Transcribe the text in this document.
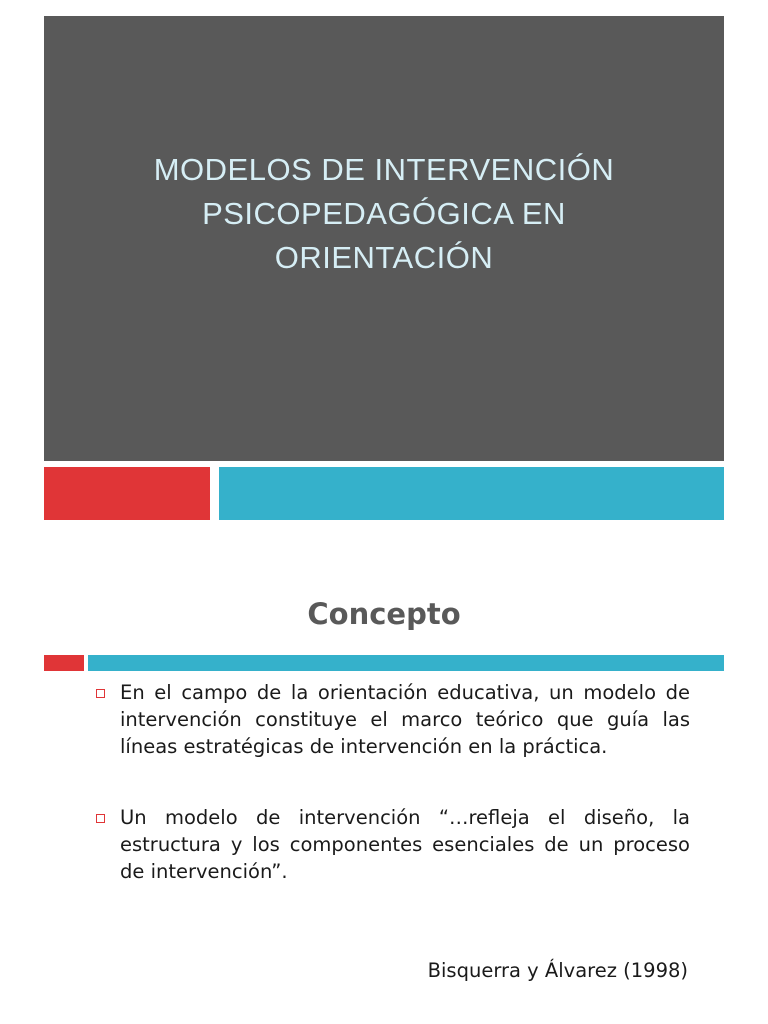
MODELOS DE INTERVENCIÓN
PSICOPEDAGÓGICA EN
ORIENTACIÓN
Concepto
En el campo de la orientación educativa, un modelo de intervención constituye el marco teórico que guía las líneas estratégicas de intervención en la práctica.
Un modelo de intervención “…refleja el diseño, la estructura y los componentes esenciales de un proceso de intervención”.

Bisquerra y Álvarez (1998)
